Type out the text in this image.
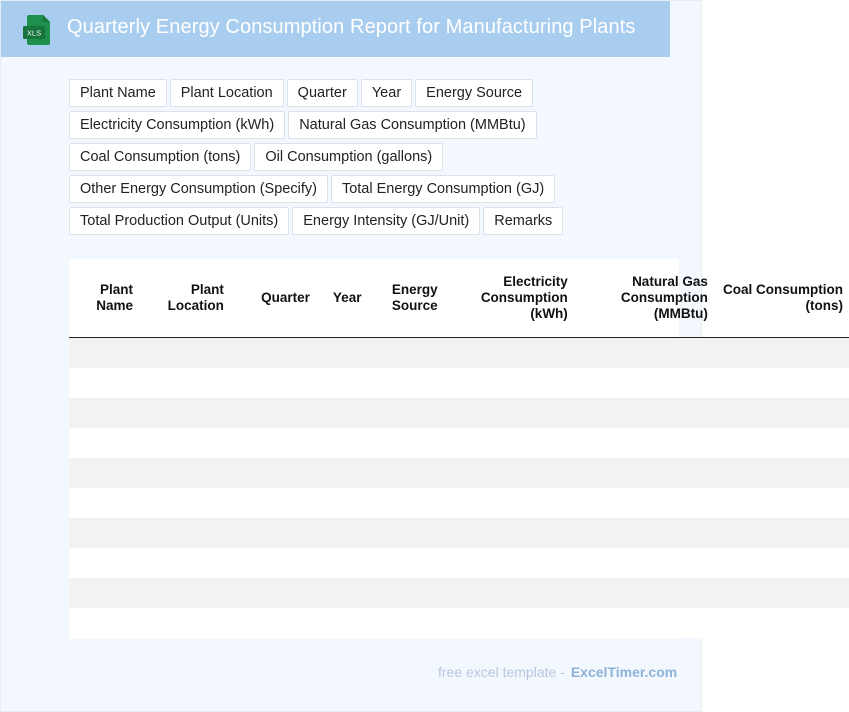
XLS Quarterly Energy Consumption Report for Manufacturing Plants
Plant Name	Plant Location	Quarter	Year	Energy Source
Electricity Consumption (kWh)	Natural Gas Consumption (MMBtu)
Coal Consumption (tons)	Oil Consumption (gallons)
Other Energy Consumption (Specify)	Total Energy Consumption (GJ)
Total Production Output (Units)	Energy Intensity (GJ/Unit)	Remarks
Plant Name	Plant Location	Quarter	Year	Energy Source	Electricity Consumption (kWh)	Natural Gas Consumption (MMBtu)	Coal Consumption (tons)

free excel template - ExcelTimer.com
